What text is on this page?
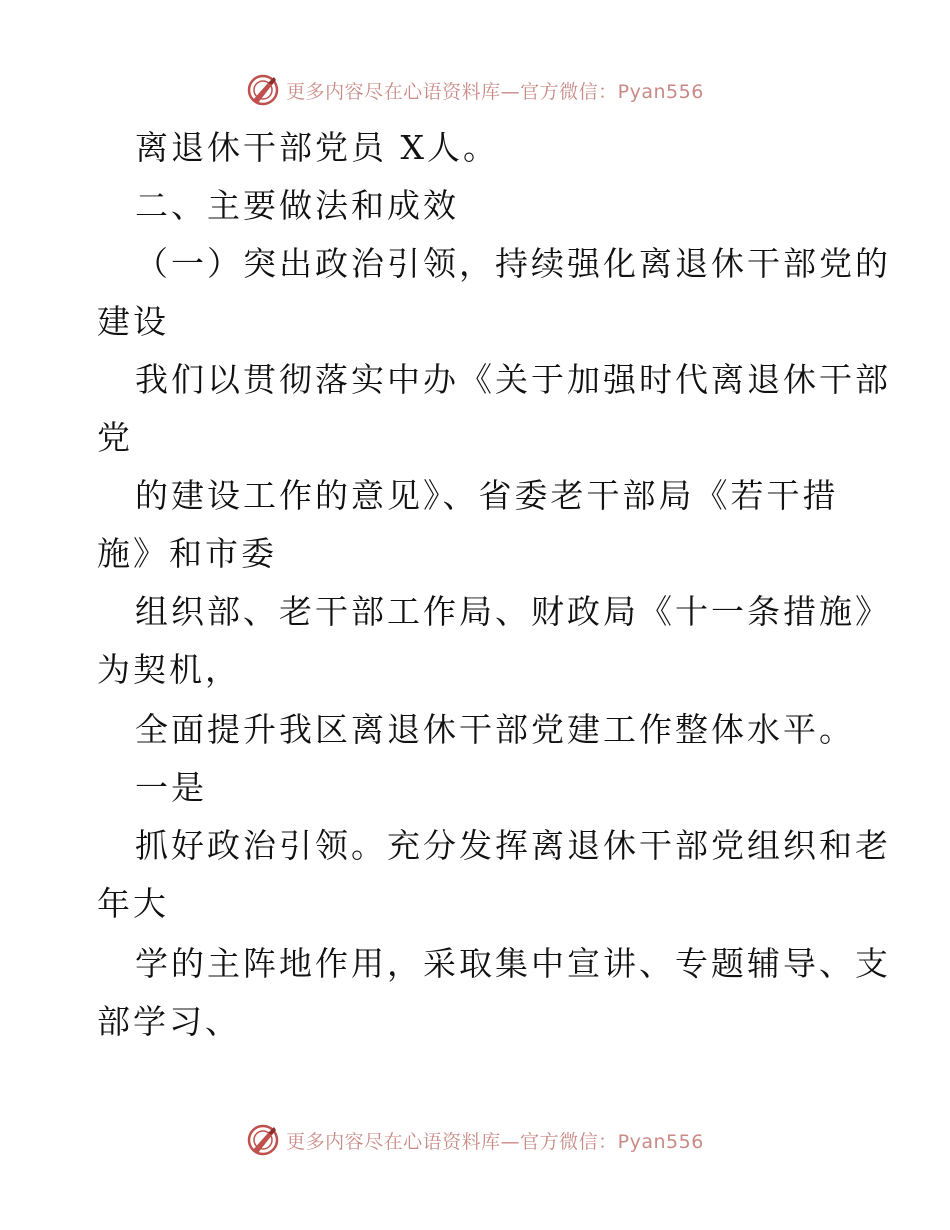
更多内容尽在心语资料库—官方微信：Pyan556
离退休干部党员 X人。
二、主要做法和成效
（一）突出政治引领，持续强化离退休干部党的
建设
我们以贯彻落实中办《关于加强时代离退休干部
党
的建设工作的意见》、省委老干部局《若干措
施》和市委
组织部、老干部工作局、财政局《十一条措施》
为契机，
全面提升我区离退休干部党建工作整体水平。
一是
抓好政治引领。充分发挥离退休干部党组织和老
年大
学的主阵地作用，采取集中宣讲、专题辅导、支
部学习、
更多内容尽在心语资料库—官方微信：Pyan556
